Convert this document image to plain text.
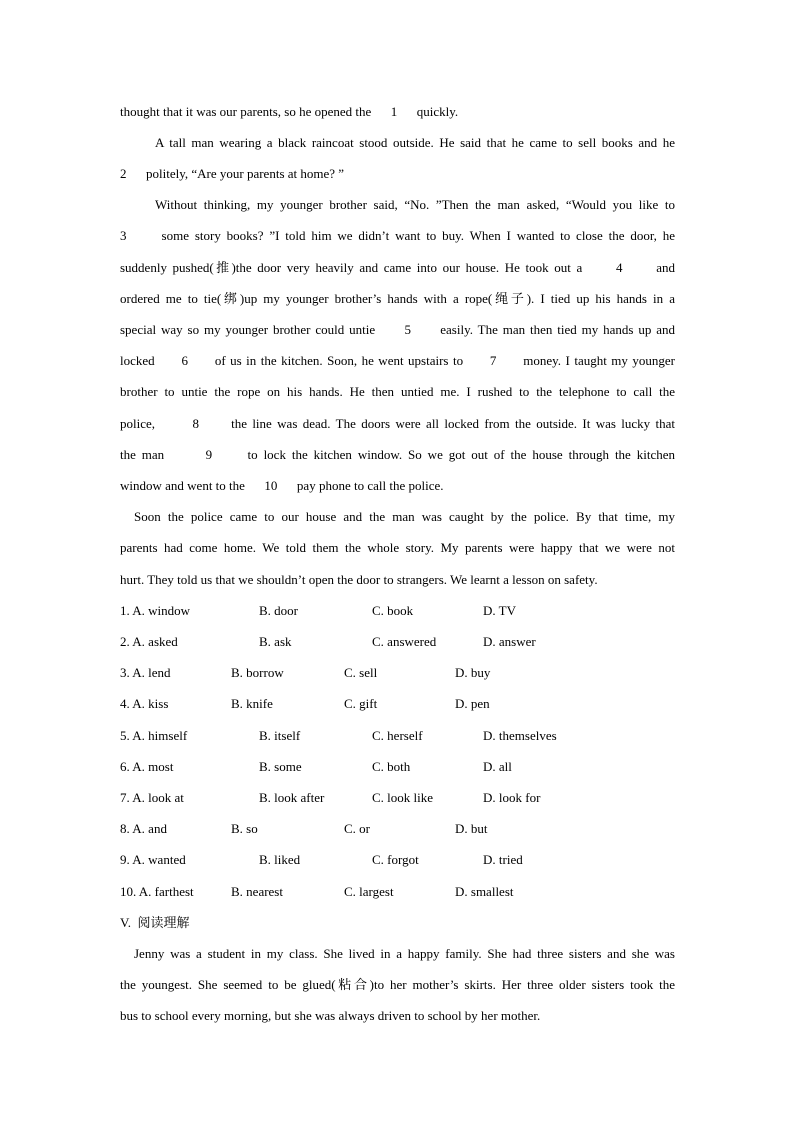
thought that it was our parents, so he opened the      1      quickly.
A tall man wearing a black raincoat stood outside. He said that he came to sell books and he
2      politely, “Are your parents at home? ”
Without thinking, my younger brother said, “No. ”Then the man asked, “Would you like to
3      some story books? ”I told him we didn’t want to buy. When I wanted to close the door, he
suddenly pushed(推)the door very heavily and came into our house. He took out a      4      and
ordered me to tie(绑)up my younger brother’s hands with a rope(绳子). I tied up his hands in a
special way so my younger brother could untie      5      easily. The man then tied my hands up and
locked      6      of us in the kitchen. Soon, he went upstairs to      7      money. I taught my younger
brother to untie the rope on his hands. He then untied me. I rushed to the telephone to call the
police,       8      the line was dead. The doors were all locked from the outside. It was lucky that
the man       9      to lock the kitchen window. So we got out of the house through the kitchen
window and went to the      10      pay phone to call the police.
Soon the police came to our house and the man was caught by the police. By that time, my
parents had come home. We told them the whole story. My parents were happy that we were not
hurt. They told us that we shouldn’t open the door to strangers. We learnt a lesson on safety.
1. A. window	B. door	C. book	D. TV
2. A. asked	B. ask	C. answered	D. answer
3. A. lend	B. borrow	C. sell	D. buy
4. A. kiss	B. knife	C. gift	D. pen
5. A. himself	B. itself	C. herself	D. themselves
6. A. most	B. some	C. both	D. all
7. A. look at	B. look after	C. look like	D. look for
8. A. and	B. so	C. or	D. but
9. A. wanted	B. liked	C. forgot	D. tried
10. A. farthest	B. nearest	C. largest	D. smallest
V.  阅读理解
Jenny was a student in my class. She lived in a happy family. She had three sisters and she was
the youngest. She seemed to be glued(粘合)to her mother’s skirts. Her three older sisters took the
bus to school every morning, but she was always driven to school by her mother.
